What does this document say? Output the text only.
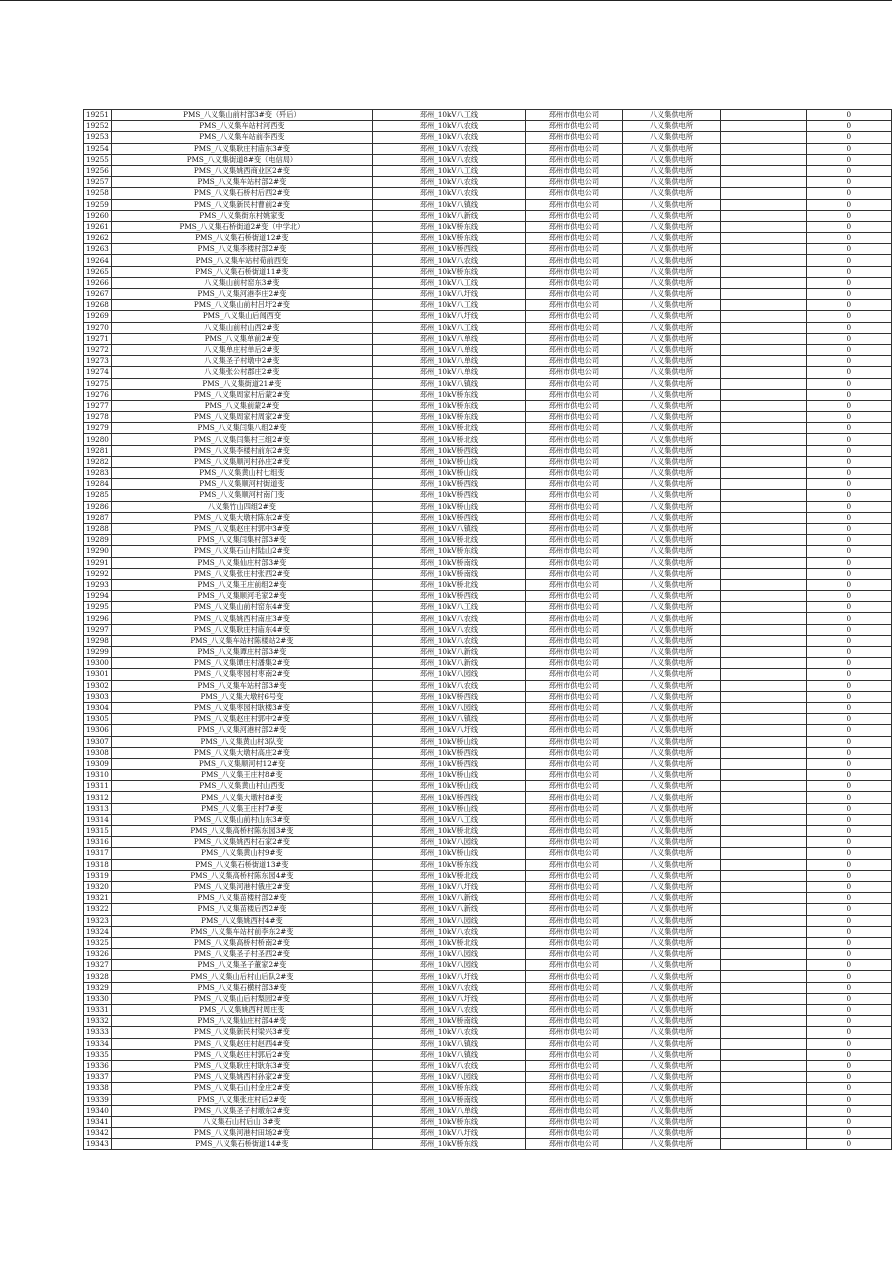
19251	PMS_八义集山前村部3#变（歼后）	邳州_10kV八工线	邳州市供电公司	八义集供电所		0
19252	PMS_八义集车站村河西变	邳州_10kV八农线	邳州市供电公司	八义集供电所		0
19253	PMS_八义集车站前李西变	邳州_10kV八农线	邳州市供电公司	八义集供电所		0
19254	PMS_八义集耿庄村庙东3#变	邳州_10kV八农线	邳州市供电公司	八义集供电所		0
19255	PMS_八义集街道8#变（电信局）	邳州_10kV八农线	邳州市供电公司	八义集供电所		0
19256	PMS_八义集姚西商业区2#变	邳州_10kV八工线	邳州市供电公司	八义集供电所		0
19257	PMS_八义集车站村部2#变	邳州_10kV八农线	邳州市供电公司	八义集供电所		0
19258	PMS_八义集石桥村后西2#变	邳州_10kV八农线	邳州市供电公司	八义集供电所		0
19259	PMS_八义集新民村曹前2#变	邳州_10kV八镇线	邳州市供电公司	八义集供电所		0
19260	PMS_八义集街东村姚家变	邳州_10kV八新线	邳州市供电公司	八义集供电所		0
19261	PMS_八义集石桥街道2#变（中学北）	邳州_10kV桥东线	邳州市供电公司	八义集供电所		0
19262	PMS_八义集石桥街道12#变	邳州_10kV桥东线	邳州市供电公司	八义集供电所		0
19263	PMS_八义集李楼村部2#变	邳州_10kV桥西线	邳州市供电公司	八义集供电所		0
19264	PMS_八义集车站村荀前西变	邳州_10kV八农线	邳州市供电公司	八义集供电所		0
19265	PMS_八义集石桥街道11#变	邳州_10kV桥东线	邳州市供电公司	八义集供电所		0
19266	八义集山前村窑东3#变	邳州_10kV八工线	邳州市供电公司	八义集供电所		0
19267	PMS_八义集河港李庄2#变	邳州_10kV八圩线	邳州市供电公司	八义集供电所		0
19268	PMS_八义集山前村吕圩2#变	邳州_10kV八工线	邳州市供电公司	八义集供电所		0
19269	PMS_八义集山后闻西变	邳州_10kV八圩线	邳州市供电公司	八义集供电所		0
19270	八义集山前村山西2#变	邳州_10kV八工线	邳州市供电公司	八义集供电所		0
19271	PMS_八义集单前2#变	邳州_10kV八单线	邳州市供电公司	八义集供电所		0
19272	八义集单庄村单后2#变	邳州_10kV八单线	邳州市供电公司	八义集供电所		0
19273	八义集圣子村墩中2#变	邳州_10kV八单线	邳州市供电公司	八义集供电所		0
19274	八义集张公村郡庄2#变	邳州_10kV八单线	邳州市供电公司	八义集供电所		0
19275	PMS_八义集街道21#变	邳州_10kV八镇线	邳州市供电公司	八义集供电所		0
19276	PMS_八义集周家村后蒙2#变	邳州_10kV桥东线	邳州市供电公司	八义集供电所		0
19277	PMS_八义集前蒙2#变	邳州_10kV桥东线	邳州市供电公司	八义集供电所		0
19278	PMS_八义集周家村周家2#变	邳州_10kV桥东线	邳州市供电公司	八义集供电所		0
19279	PMS_八义集闫集八组2#变	邳州_10kV桥北线	邳州市供电公司	八义集供电所		0
19280	PMS_八义集闫集村三组2#变	邳州_10kV桥北线	邳州市供电公司	八义集供电所		0
19281	PMS_八义集李楼村前东2#变	邳州_10kV桥西线	邳州市供电公司	八义集供电所		0
19282	PMS_八义集顺河村孙庄2#变	邳州_10kV桥山线	邳州市供电公司	八义集供电所		0
19283	PMS_八义集黄山村七组变	邳州_10kV桥山线	邳州市供电公司	八义集供电所		0
19284	PMS_八义集顺河村街道变	邳州_10kV桥西线	邳州市供电公司	八义集供电所		0
19285	PMS_八义集顺河村南门变	邳州_10kV桥西线	邳州市供电公司	八义集供电所		0
19286	八义集竹山四组2#变	邳州_10kV桥山线	邳州市供电公司	八义集供电所		0
19287	PMS_八义集大墩村陈东2#变	邳州_10kV桥西线	邳州市供电公司	八义集供电所		0
19288	PMS_八义集赵庄村郭中3#变	邳州_10kV八镇线	邳州市供电公司	八义集供电所		0
19289	PMS_八义集闫集村部3#变	邳州_10kV桥北线	邳州市供电公司	八义集供电所		0
19290	PMS_八义集石山村陆山2#变	邳州_10kV桥东线	邳州市供电公司	八义集供电所		0
19291	PMS_八义集仙庄村部3#变	邳州_10kV桥南线	邳州市供电公司	八义集供电所		0
19292	PMS_八义集张庄村张西2#变	邳州_10kV桥南线	邳州市供电公司	八义集供电所		0
19293	PMS_八义集王庄前组2#变	邳州_10kV桥北线	邳州市供电公司	八义集供电所		0
19294	PMS_八义集顺河毛家2#变	邳州_10kV桥西线	邳州市供电公司	八义集供电所		0
19295	PMS_八义集山前村窑东4#变	邳州_10kV八工线	邳州市供电公司	八义集供电所		0
19296	PMS_八义集姚西村南庄3#变	邳州_10kV八农线	邳州市供电公司	八义集供电所		0
19297	PMS_八义集耿庄村庙东4#变	邳州_10kV八农线	邳州市供电公司	八义集供电所		0
19298	PMS_八义集车站村陈楼站2#变	邳州_10kV八农线	邳州市供电公司	八义集供电所		0
19299	PMS_八义集谭庄村部3#变	邳州_10kV八新线	邳州市供电公司	八义集供电所		0
19300	PMS_八义集谭庄村潘集2#变	邳州_10kV八新线	邳州市供电公司	八义集供电所		0
19301	PMS_八义集枣园村枣南2#变	邳州_10kV八园线	邳州市供电公司	八义集供电所		0
19302	PMS_八义集车站村部3#变	邳州_10kV八农线	邳州市供电公司	八义集供电所		0
19303	PMS_八义集大墩村6号变	邳州_10kV桥西线	邳州市供电公司	八义集供电所		0
19304	PMS_八义集枣园村耿楼3#变	邳州_10kV八园线	邳州市供电公司	八义集供电所		0
19305	PMS_八义集赵庄村郭中2#变	邳州_10kV八镇线	邳州市供电公司	八义集供电所		0
19306	PMS_八义集河港村部2#变	邳州_10kV八圩线	邳州市供电公司	八义集供电所		0
19307	PMS_八义集黄山村3队变	邳州_10kV桥山线	邳州市供电公司	八义集供电所		0
19308	PMS_八义集大墩村高庄2#变	邳州_10kV桥西线	邳州市供电公司	八义集供电所		0
19309	PMS_八义集顺河村12#变	邳州_10kV桥西线	邳州市供电公司	八义集供电所		0
19310	PMS_八义集王庄村8#变	邳州_10kV桥山线	邳州市供电公司	八义集供电所		0
19311	PMS_八义集黄山村山西变	邳州_10kV桥山线	邳州市供电公司	八义集供电所		0
19312	PMS_八义集大墩村8#变	邳州_10kV桥西线	邳州市供电公司	八义集供电所		0
19313	PMS_八义集王庄村7#变	邳州_10kV桥山线	邳州市供电公司	八义集供电所		0
19314	PMS_八义集山前村山东3#变	邳州_10kV八工线	邳州市供电公司	八义集供电所		0
19315	PMS_八义集高桥村陈东园3#变	邳州_10kV桥北线	邳州市供电公司	八义集供电所		0
19316	PMS_八义集姚西村石家2#变	邳州_10kV八园线	邳州市供电公司	八义集供电所		0
19317	PMS_八义集黄山村9#变	邳州_10kV桥山线	邳州市供电公司	八义集供电所		0
19318	PMS_八义集石桥街道13#变	邳州_10kV桥东线	邳州市供电公司	八义集供电所		0
19319	PMS_八义集高桥村陈东园4#变	邳州_10kV桥北线	邳州市供电公司	八义集供电所		0
19320	PMS_八义集河港村俄庄2#变	邳州_10kV八圩线	邳州市供电公司	八义集供电所		0
19321	PMS_八义集苗楼村部2#变	邳州_10kV八新线	邳州市供电公司	八义集供电所		0
19322	PMS_八义集苗楼后西2#变	邳州_10kV八新线	邳州市供电公司	八义集供电所		0
19323	PMS_八义集姚西村4#变	邳州_10kV八园线	邳州市供电公司	八义集供电所		0
19324	PMS_八义集车站村前李东2#变	邳州_10kV八农线	邳州市供电公司	八义集供电所		0
19325	PMS_八义集高桥村桥南2#变	邳州_10kV桥北线	邳州市供电公司	八义集供电所		0
19326	PMS_八义集圣子村圣西2#变	邳州_10kV八园线	邳州市供电公司	八义集供电所		0
19327	PMS_八义集圣子董家2#变	邳州_10kV八园线	邳州市供电公司	八义集供电所		0
19328	PMS_八义集山后村山后队2#变	邳州_10kV八圩线	邳州市供电公司	八义集供电所		0
19329	PMS_八义集石横村部3#变	邳州_10kV八农线	邳州市供电公司	八义集供电所		0
19330	PMS_八义集山后村梨园2#变	邳州_10kV八圩线	邳州市供电公司	八义集供电所		0
19331	PMS_八义集姚西村周庄变	邳州_10kV八农线	邳州市供电公司	八义集供电所		0
19332	PMS_八义集仙庄村部4#变	邳州_10kV桥南线	邳州市供电公司	八义集供电所		0
19333	PMS_八义集新民村梁兴3#变	邳州_10kV八农线	邳州市供电公司	八义集供电所		0
19334	PMS_八义集赵庄村赵西4#变	邳州_10kV八镇线	邳州市供电公司	八义集供电所		0
19335	PMS_八义集赵庄村郭后2#变	邳州_10kV八镇线	邳州市供电公司	八义集供电所		0
19336	PMS_八义集耿庄村耿东3#变	邳州_10kV八农线	邳州市供电公司	八义集供电所		0
19337	PMS_八义集姚西村孙家2#变	邳州_10kV八园线	邳州市供电公司	八义集供电所		0
19338	PMS_八义集石山村金庄2#变	邳州_10kV桥东线	邳州市供电公司	八义集供电所		0
19339	PMS_八义集张庄村后2#变	邳州_10kV桥南线	邳州市供电公司	八义集供电所		0
19340	PMS_八义集圣子村墩东2#变	邳州_10kV八单线	邳州市供电公司	八义集供电所		0
19341	八义集石山村后山 3#变	邳州_10kV桥东线	邳州市供电公司	八义集供电所		0
19342	PMS_八义集河港村田场2#变	邳州_10kV八圩线	邳州市供电公司	八义集供电所		0
19343	PMS_八义集石桥街道14#变	邳州_10kV桥东线	邳州市供电公司	八义集供电所		0
